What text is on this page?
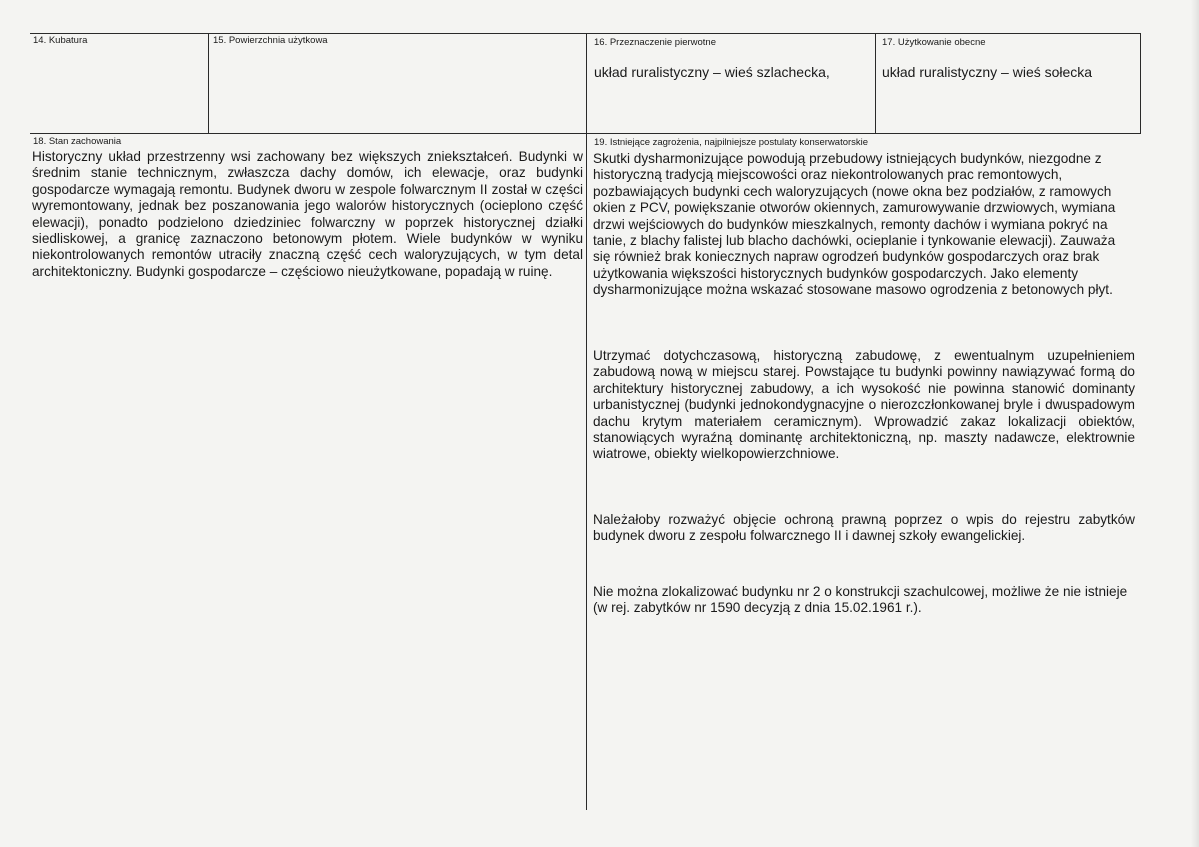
14. Kubatura	15. Powierzchnia użytkowa	16. Przeznaczenie pierwotne
układ ruralistyczny – wieś szlachecka,
17. Użytkowanie obecne
układ ruralistyczny – wieś sołecka
18. Stan zachowania

Historyczny układ przestrzenny wsi zachowany bez większych zniekształceń. Budynki w średnim stanie technicznym, zwłaszcza dachy domów, ich elewacje, oraz budynki gospodarcze wymagają remontu. Budynek dworu w zespole folwarcznym II został w części wyremontowany, jednak bez poszanowania jego walorów historycznych (ocieplono część elewacji), ponadto podzielono dziedziniec folwarczny w poprzek historycznej działki siedliskowej, a granicę zaznaczono betonowym płotem. Wiele budynków w wyniku niekontrolowanych remontów utraciły znaczną część cech waloryzujących, w tym detal architektoniczny. Budynki gospodarcze – częściowo nieużytkowane, popadają w ruinę.

19. Istniejące zagrożenia, najpilniejsze postulaty konserwatorskie

Skutki dysharmonizujące powodują przebudowy istniejących budynków, niezgodne z historyczną tradycją miejscowości oraz niekontrolowanych prac remontowych, pozbawiających budynki cech waloryzujących (nowe okna bez podziałów, z ramowych okien z PCV, powiększanie otworów okiennych, zamurowywanie drzwiowych, wymiana drzwi wejściowych do budynków mieszkalnych, remonty dachów i wymiana pokryć na tanie, z blachy falistej lub blacho dachówki, ocieplanie i tynkowanie elewacji). Zauważa się również brak koniecznych napraw ogrodzeń budynków gospodarczych oraz brak użytkowania większości historycznych budynków gospodarczych. Jako elementy dysharmonizujące można wskazać stosowane masowo ogrodzenia z betonowych płyt.

Utrzymać dotychczasową, historyczną zabudowę, z ewentualnym uzupełnieniem zabudową nową w miejscu starej. Powstające tu budynki powinny nawiązywać formą do architektury historycznej zabudowy, a ich wysokość nie powinna stanowić dominanty urbanistycznej (budynki jednokondygnacyjne o nierozczłonkowanej bryle i dwuspadowym dachu krytym materiałem ceramicznym). Wprowadzić zakaz lokalizacji obiektów, stanowiących wyraźną dominantę architektoniczną, np. maszty nadawcze, elektrownie wiatrowe, obiekty wielkopowierzchniowe.

Należałoby rozważyć objęcie ochroną prawną poprzez o wpis do rejestru zabytków budynek dworu z zespołu folwarcznego II i dawnej szkoły ewangelickiej.

Nie można zlokalizować budynku nr 2 o konstrukcji szachulcowej, możliwe że nie istnieje (w rej. zabytków nr 1590 decyzją z dnia 15.02.1961 r.).
